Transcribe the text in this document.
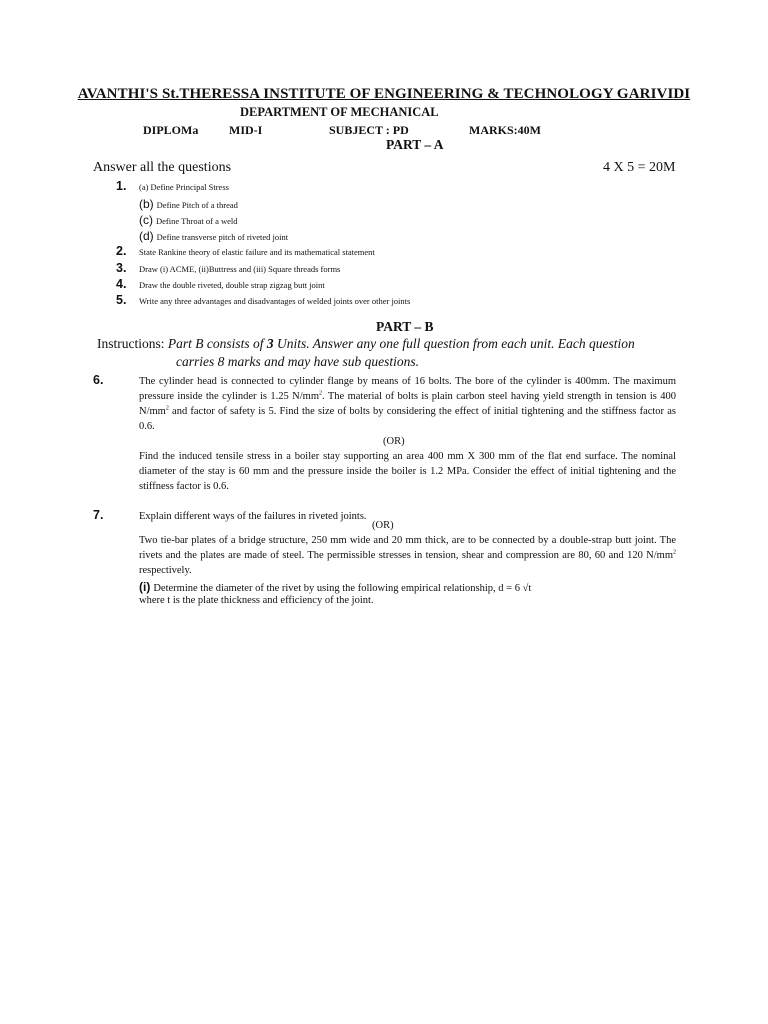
AVANTHI'S St.THERESSA INSTITUTE OF ENGINEERING & TECHNOLOGY GARIVIDI
DEPARTMENT OF MECHANICAL
DIPLOMa	MID-I	SUBJECT : PD	MARKS:40M
PART – A
Answer all the questions	4 X 5 = 20M
1. (a) Define Principal Stress
(b) Define Pitch of a thread
(c) Define Throat of a weld
(d) Define transverse pitch of riveted joint
2. State Rankine theory of elastic failure and its mathematical statement
3. Draw (i) ACME, (ii)Buttress and (iii) Square threads forms
4. Draw the double riveted, double strap zigzag butt joint
5. Write any three advantages and disadvantages of welded joints over other joints
PART – B
Instructions: Part B consists of 3 Units. Answer any one full question from each unit. Each question
carries 8 marks and may have sub questions.
6.	The cylinder head is connected to cylinder flange by means of 16 bolts. The bore of the cylinder is 400mm. The maximum pressure inside the cylinder is 1.25 $N/mm^2$. The material of bolts is plain carbon steel having yield strength in tension is 400 $N/mm^2$ and factor of safety is 5. Find the size of bolts by considering the effect of initial tightening and the stiffness factor as 0.6.
(OR)
Find the induced tensile stress in a boiler stay supporting an area 400 mm X 300 mm of the flat end surface. The nominal diameter of the stay is 60 mm and the pressure inside the boiler is 1.2 MPa. Consider the effect of initial tightening and the stiffness factor is 0.6.
7.	Explain different ways of the failures in riveted joints.
(OR)
Two tie-bar plates of a bridge structure, 250 mm wide and 20 mm thick, are to be connected by a double-strap butt joint. The rivets and the plates are made of steel. The permissible stresses in tension, shear and compression are 80, 60 and 120 $N/mm^2$ respectively.
(i) Determine the diameter of the rivet by using the following empirical relationship, d = 6 √t
where t is the plate thickness and efficiency of the joint.
